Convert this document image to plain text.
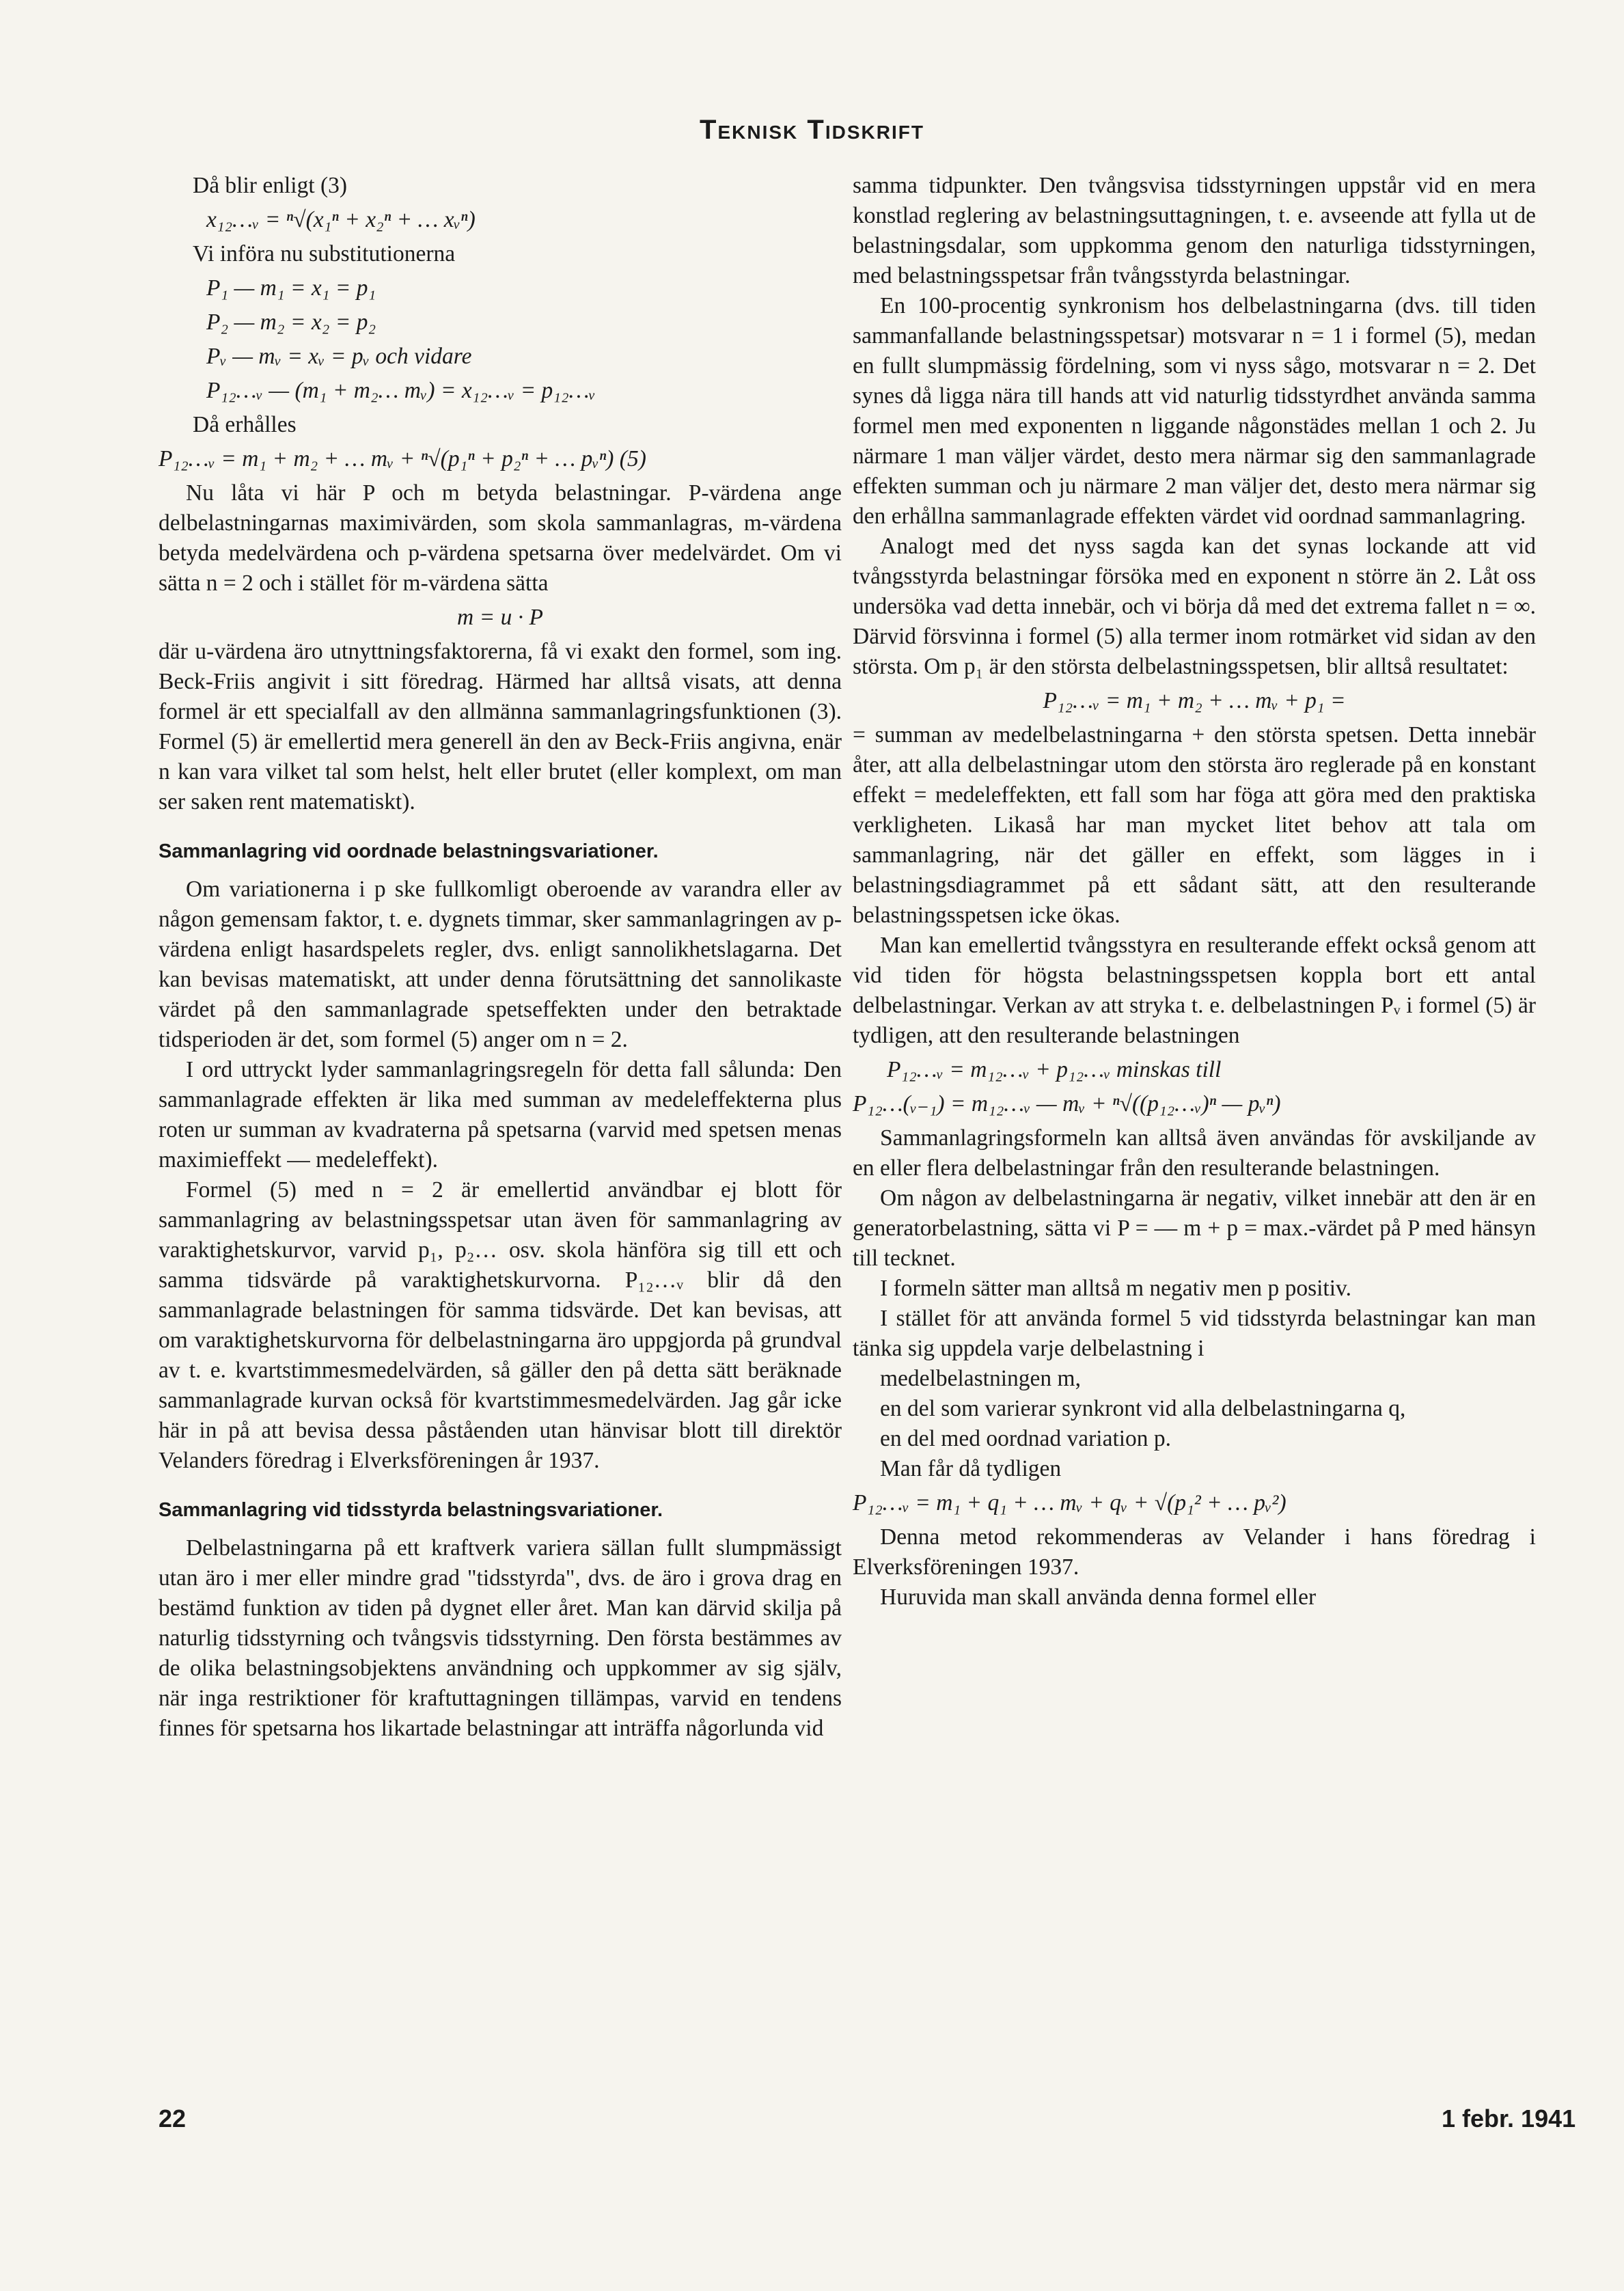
Teknisk Tidskrift

Då blir enligt (3)

x₁₂…ᵥ = ⁿ√(x₁ⁿ + x₂ⁿ + … xᵥⁿ)

Vi införa nu substitutionerna

P₁ — m₁ = x₁ = p₁
P₂ — m₂ = x₂ = p₂
Pᵥ — mᵥ = xᵥ = pᵥ och vidare
P₁₂…ᵥ — (m₁ + m₂… mᵥ) = x₁₂…ᵥ = p₁₂…ᵥ

Då erhålles

P₁₂…ᵥ = m₁ + m₂ + … mᵥ + ⁿ√(p₁ⁿ + p₂ⁿ + … pᵥⁿ) (5)

Nu låta vi här P och m betyda belastningar. P-värdena ange delbelastningarnas maximivärden, som skola sammanlagras, m-värdena betyda medelvärdena och p-värdena spetsarna över medelvärdet. Om vi sätta n = 2 och i stället för m-värdena sätta

m = u · P

där u-värdena äro utnyttningsfaktorerna, få vi exakt den formel, som ing. Beck-Friis angivit i sitt föredrag. Härmed har alltså visats, att denna formel är ett specialfall av den allmänna sammanlagringsfunktionen (3). Formel (5) är emellertid mera generell än den av Beck-Friis angivna, enär n kan vara vilket tal som helst, helt eller brutet (eller komplext, om man ser saken rent matematiskt).

Sammanlagring vid oordnade belastningsvariationer.

Om variationerna i p ske fullkomligt oberoende av varandra eller av någon gemensam faktor, t. e. dygnets timmar, sker sammanlagringen av p-värdena enligt hasardspelets regler, dvs. enligt sannolikhetslagarna. Det kan bevisas matematiskt, att under denna förutsättning det sannolikaste värdet på den sammanlagrade spetseffekten under den betraktade tidsperioden är det, som formel (5) anger om n = 2.

I ord uttryckt lyder sammanlagringsregeln för detta fall sålunda: Den sammanlagrade effekten är lika med summan av medeleffekterna plus roten ur summan av kvadraterna på spetsarna (varvid med spetsen menas maximieffekt — medeleffekt).

Formel (5) med n = 2 är emellertid användbar ej blott för sammanlagring av belastningsspetsar utan även för sammanlagring av varaktighetskurvor, varvid p₁, p₂… osv. skola hänföra sig till ett och samma tidsvärde på varaktighetskurvorna. P₁₂…ᵥ blir då den sammanlagrade belastningen för samma tidsvärde. Det kan bevisas, att om varaktighetskurvorna för delbelastningarna äro uppgjorda på grundval av t. e. kvartstimmesmedelvärden, så gäller den på detta sätt beräknade sammanlagrade kurvan också för kvartstimmesmedelvärden. Jag går icke här in på att bevisa dessa påståenden utan hänvisar blott till direktör Velanders föredrag i Elverksföreningen år 1937.

Sammanlagring vid tidsstyrda belastningsvariationer.

Delbelastningarna på ett kraftverk variera sällan fullt slumpmässigt utan äro i mer eller mindre grad "tidsstyrda", dvs. de äro i grova drag en bestämd funktion av tiden på dygnet eller året. Man kan därvid skilja på naturlig tidsstyrning och tvångsvis tidsstyrning. Den första bestämmes av de olika belastningsobjektens användning och uppkommer av sig själv, när inga restriktioner för kraftuttagningen tillämpas, varvid en tendens finnes för spetsarna hos likartade belastningar att inträffa någorlunda vid

samma tidpunkter. Den tvångsvisa tidsstyrningen uppstår vid en mera konstlad reglering av belastningsuttagningen, t. e. avseende att fylla ut de belastningsdalar, som uppkomma genom den naturliga tidsstyrningen, med belastningsspetsar från tvångsstyrda belastningar.

En 100-procentig synkronism hos delbelastningarna (dvs. till tiden sammanfallande belastningsspetsar) motsvarar n = 1 i formel (5), medan en fullt slumpmässig fördelning, som vi nyss sågo, motsvarar n = 2. Det synes då ligga nära till hands att vid naturlig tidsstyrdhet använda samma formel men med exponenten n liggande någonstädes mellan 1 och 2. Ju närmare 1 man väljer värdet, desto mera närmar sig den sammanlagrade effekten summan och ju närmare 2 man väljer det, desto mera närmar sig den erhållna sammanlagrade effekten värdet vid oordnad sammanlagring.

Analogt med det nyss sagda kan det synas lockande att vid tvångsstyrda belastningar försöka med en exponent n större än 2. Låt oss undersöka vad detta innebär, och vi börja då med det extrema fallet n = ∞. Därvid försvinna i formel (5) alla termer inom rotmärket vid sidan av den största. Om p₁ är den största delbelastningsspetsen, blir alltså resultatet:

P₁₂…ᵥ = m₁ + m₂ + … mᵥ + p₁ =

= summan av medelbelastningarna + den största spetsen. Detta innebär åter, att alla delbelastningar utom den största äro reglerade på en konstant effekt = medeleffekten, ett fall som har föga att göra med den praktiska verkligheten. Likaså har man mycket litet behov att tala om sammanlagring, när det gäller en effekt, som lägges in i belastningsdiagrammet på ett sådant sätt, att den resulterande belastningsspetsen icke ökas.

Man kan emellertid tvångsstyra en resulterande effekt också genom att vid tiden för högsta belastningsspetsen koppla bort ett antal delbelastningar. Verkan av att stryka t. e. delbelastningen Pᵥ i formel (5) är tydligen, att den resulterande belastningen

P₁₂…ᵥ = m₁₂…ᵥ + p₁₂…ᵥ minskas till
P₁₂…(ᵥ₋₁) = m₁₂…ᵥ — mᵥ + ⁿ√((p₁₂…ᵥ)ⁿ — pᵥⁿ)

Sammanlagringsformeln kan alltså även användas för avskiljande av en eller flera delbelastningar från den resulterande belastningen.

Om någon av delbelastningarna är negativ, vilket innebär att den är en generatorbelastning, sätta vi P = — m + p = max.-värdet på P med hänsyn till tecknet.

I formeln sätter man alltså m negativ men p positiv.

I stället för att använda formel 5 vid tidsstyrda belastningar kan man tänka sig uppdela varje delbelastning i

medelbelastningen m,

en del som varierar synkront vid alla delbelastningarna q,

en del med oordnad variation p.

Man får då tydligen

P₁₂…ᵥ = m₁ + q₁ + … mᵥ + qᵥ + √(p₁² + … pᵥ²)

Denna metod rekommenderas av Velander i hans föredrag i Elverksföreningen 1937.

Huruvida man skall använda denna formel eller

22	1 febr. 1941
